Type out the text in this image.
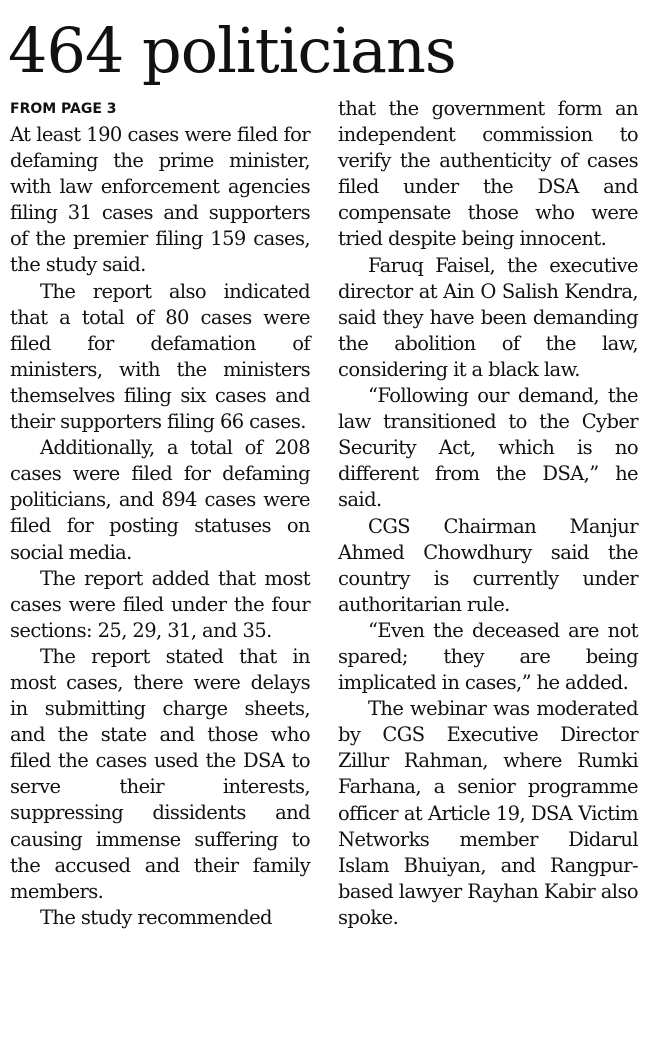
464 politicians
FROM PAGE 3

At least 190 cases were filed for defaming the prime minister, with law enforcement agencies filing 31 cases and supporters of the premier filing 159 cases, the study said.

The report also indicated that a total of 80 cases were filed for defamation of ministers, with the ministers themselves filing six cases and their supporters filing 66 cases.

Additionally, a total of 208 cases were filed for defaming politicians, and 894 cases were filed for posting statuses on social media.

The report added that most cases were filed under the four sections: 25, 29, 31, and 35.

The report stated that in most cases, there were delays in submitting charge sheets, and the state and those who filed the cases used the DSA to serve their interests, suppressing dissidents and causing immense suffering to the accused and their family members.

The study recommended

that the government form an independent commission to verify the authenticity of cases filed under the DSA and compensate those who were tried despite being innocent.

Faruq Faisel, the executive director at Ain O Salish Kendra, said they have been demanding the abolition of the law, considering it a black law.

“Following our demand, the law transitioned to the Cyber Security Act, which is no different from the DSA,” he said.

CGS Chairman Manjur Ahmed Chowdhury said the country is currently under authoritarian rule.

“Even the deceased are not spared; they are being implicated in cases,” he added.

The webinar was moderated by CGS Executive Director Zillur Rahman, where Rumki Farhana, a senior programme officer at Article 19, DSA Victim Networks member Didarul Islam Bhuiyan, and Rangpur-based lawyer Rayhan Kabir also spoke.
